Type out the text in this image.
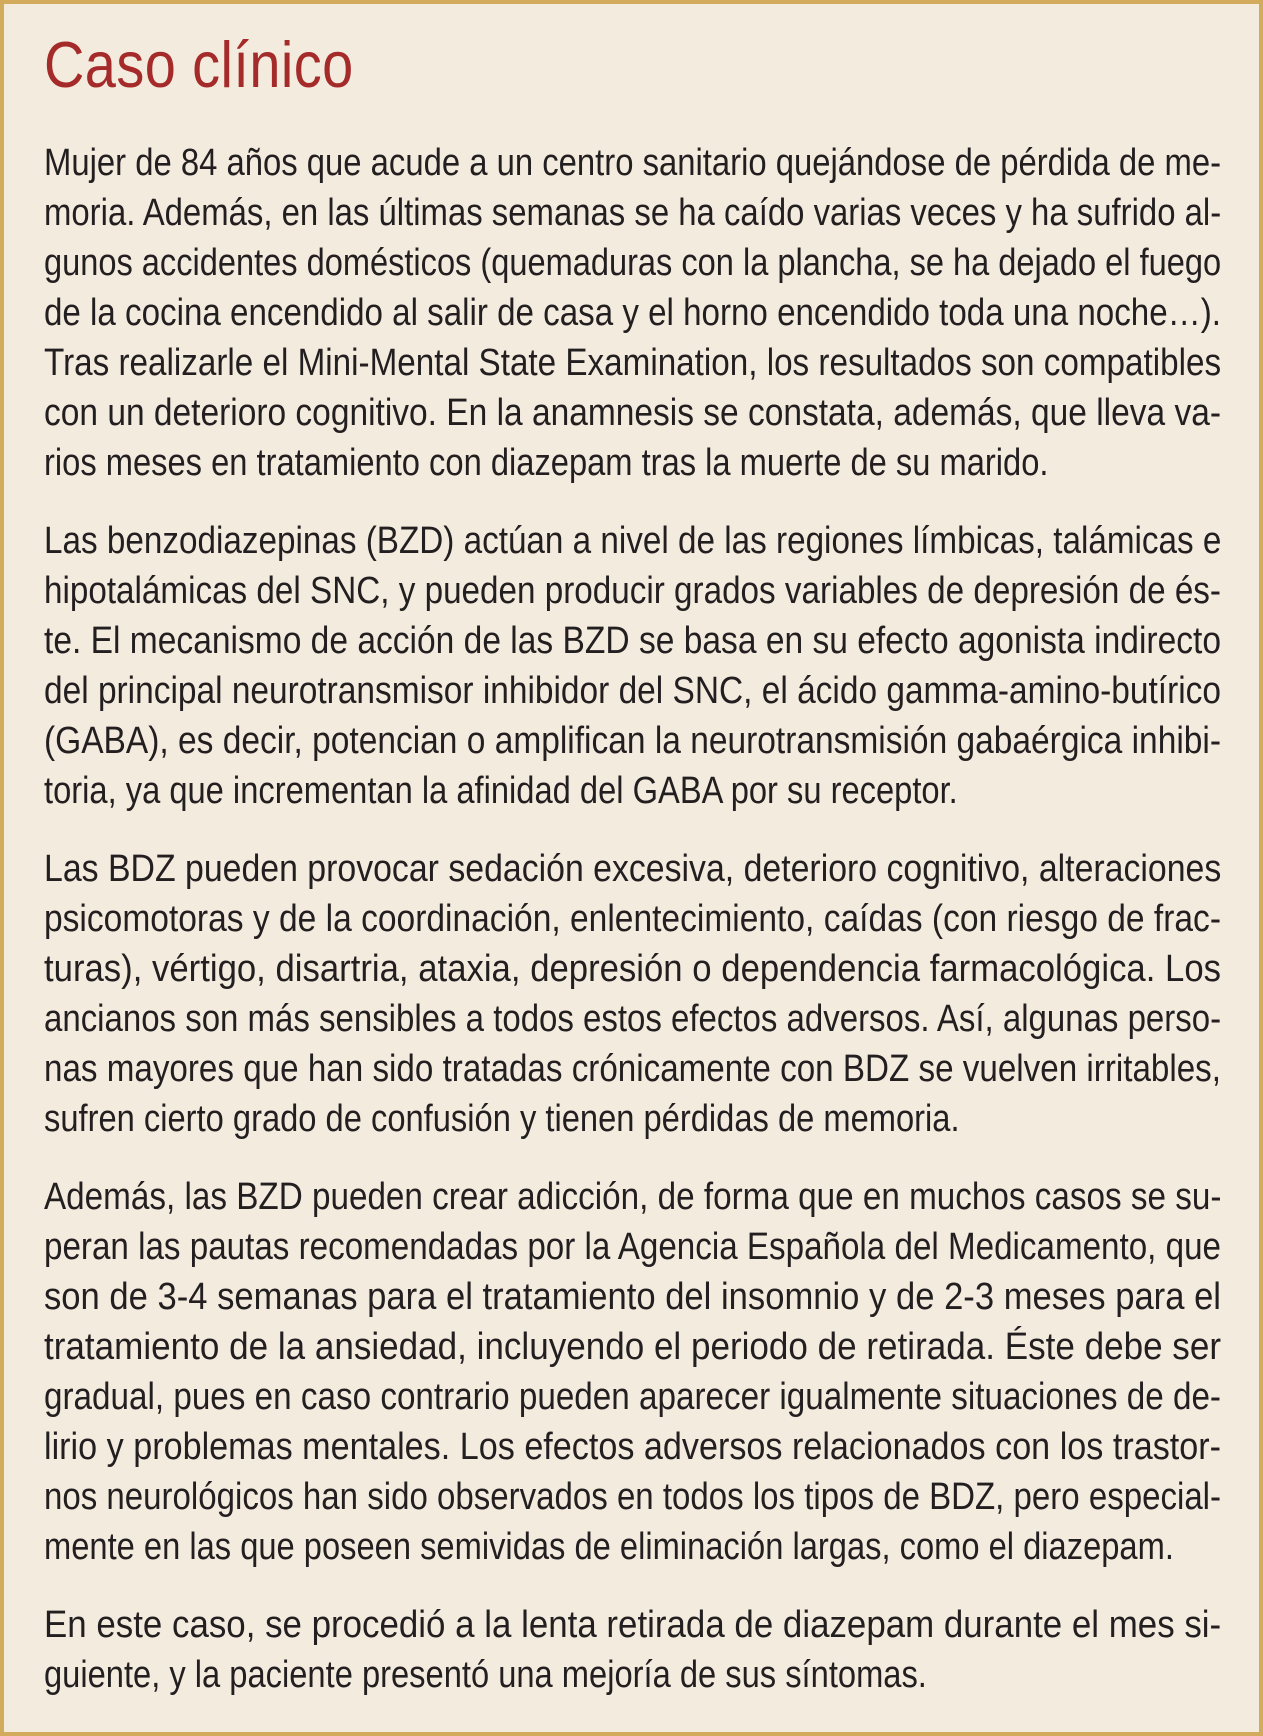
Caso clínico

Mujer de 84 años que acude a un centro sanitario quejándose de pérdida de me-
moria. Además, en las últimas semanas se ha caído varias veces y ha sufrido al-
gunos accidentes domésticos (quemaduras con la plancha, se ha dejado el fuego
de la cocina encendido al salir de casa y el horno encendido toda una noche…).
Tras realizarle el Mini-Mental State Examination, los resultados son compatibles
con un deterioro cognitivo. En la anamnesis se constata, además, que lleva va-
rios meses en tratamiento con diazepam tras la muerte de su marido.

Las benzodiazepinas (BZD) actúan a nivel de las regiones límbicas, talámicas e
hipotalámicas del SNC, y pueden producir grados variables de depresión de és-
te. El mecanismo de acción de las BZD se basa en su efecto agonista indirecto
del principal neurotransmisor inhibidor del SNC, el ácido gamma-amino-butírico
(GABA), es decir, potencian o amplifican la neurotransmisión gabaérgica inhibi-
toria, ya que incrementan la afinidad del GABA por su receptor.

Las BDZ pueden provocar sedación excesiva, deterioro cognitivo, alteraciones
psicomotoras y de la coordinación, enlentecimiento, caídas (con riesgo de frac-
turas), vértigo, disartria, ataxia, depresión o dependencia farmacológica. Los
ancianos son más sensibles a todos estos efectos adversos. Así, algunas perso-
nas mayores que han sido tratadas crónicamente con BDZ se vuelven irritables,
sufren cierto grado de confusión y tienen pérdidas de memoria.

Además, las BZD pueden crear adicción, de forma que en muchos casos se su-
peran las pautas recomendadas por la Agencia Española del Medicamento, que
son de 3-4 semanas para el tratamiento del insomnio y de 2-3 meses para el
tratamiento de la ansiedad, incluyendo el periodo de retirada. Éste debe ser
gradual, pues en caso contrario pueden aparecer igualmente situaciones de de-
lirio y problemas mentales. Los efectos adversos relacionados con los trastor-
nos neurológicos han sido observados en todos los tipos de BDZ, pero especial-
mente en las que poseen semividas de eliminación largas, como el diazepam.

En este caso, se procedió a la lenta retirada de diazepam durante el mes si-
guiente, y la paciente presentó una mejoría de sus síntomas.
